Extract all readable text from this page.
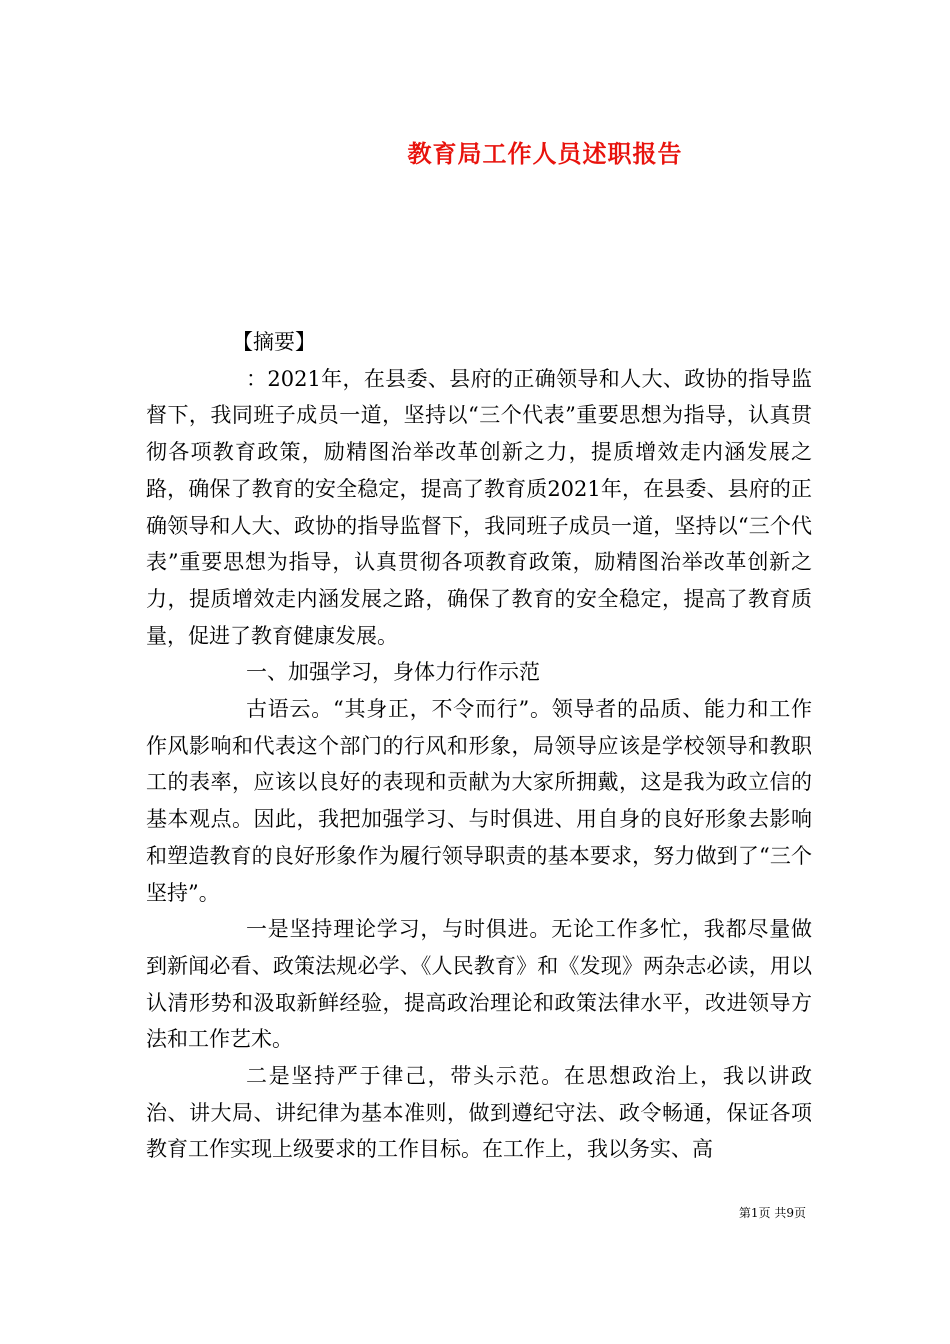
教育局工作人员述职报告

【摘要】

：2021年，在县委、县府的正确领导和人大、政协的指导监督下，我同班子成员一道，坚持以“三个代表”重要思想为指导，认真贯彻各项教育政策，励精图治举改革创新之力，提质增效走内涵发展之路，确保了教育的安全稳定，提高了教育质2021年，在县委、县府的正确领导和人大、政协的指导监督下，我同班子成员一道，坚持以“三个代表”重要思想为指导，认真贯彻各项教育政策，励精图治举改革创新之力，提质增效走内涵发展之路，确保了教育的安全稳定，提高了教育质量，促进了教育健康发展。

一、加强学习，身体力行作示范

古语云。“其身正，不令而行”。领导者的品质、能力和工作作风影响和代表这个部门的行风和形象，局领导应该是学校领导和教职工的表率，应该以良好的表现和贡献为大家所拥戴，这是我为政立信的基本观点。因此，我把加强学习、与时俱进、用自身的良好形象去影响和塑造教育的良好形象作为履行领导职责的基本要求，努力做到了“三个坚持”。

一是坚持理论学习，与时俱进。无论工作多忙，我都尽量做到新闻必看、政策法规必学、《人民教育》和《发现》两杂志必读，用以认清形势和汲取新鲜经验，提高政治理论和政策法律水平，改进领导方法和工作艺术。

二是坚持严于律己，带头示范。在思想政治上，我以讲政治、讲大局、讲纪律为基本准则，做到遵纪守法、政令畅通，保证各项教育工作实现上级要求的工作目标。在工作上，我以务实、高

第1页 共9页
